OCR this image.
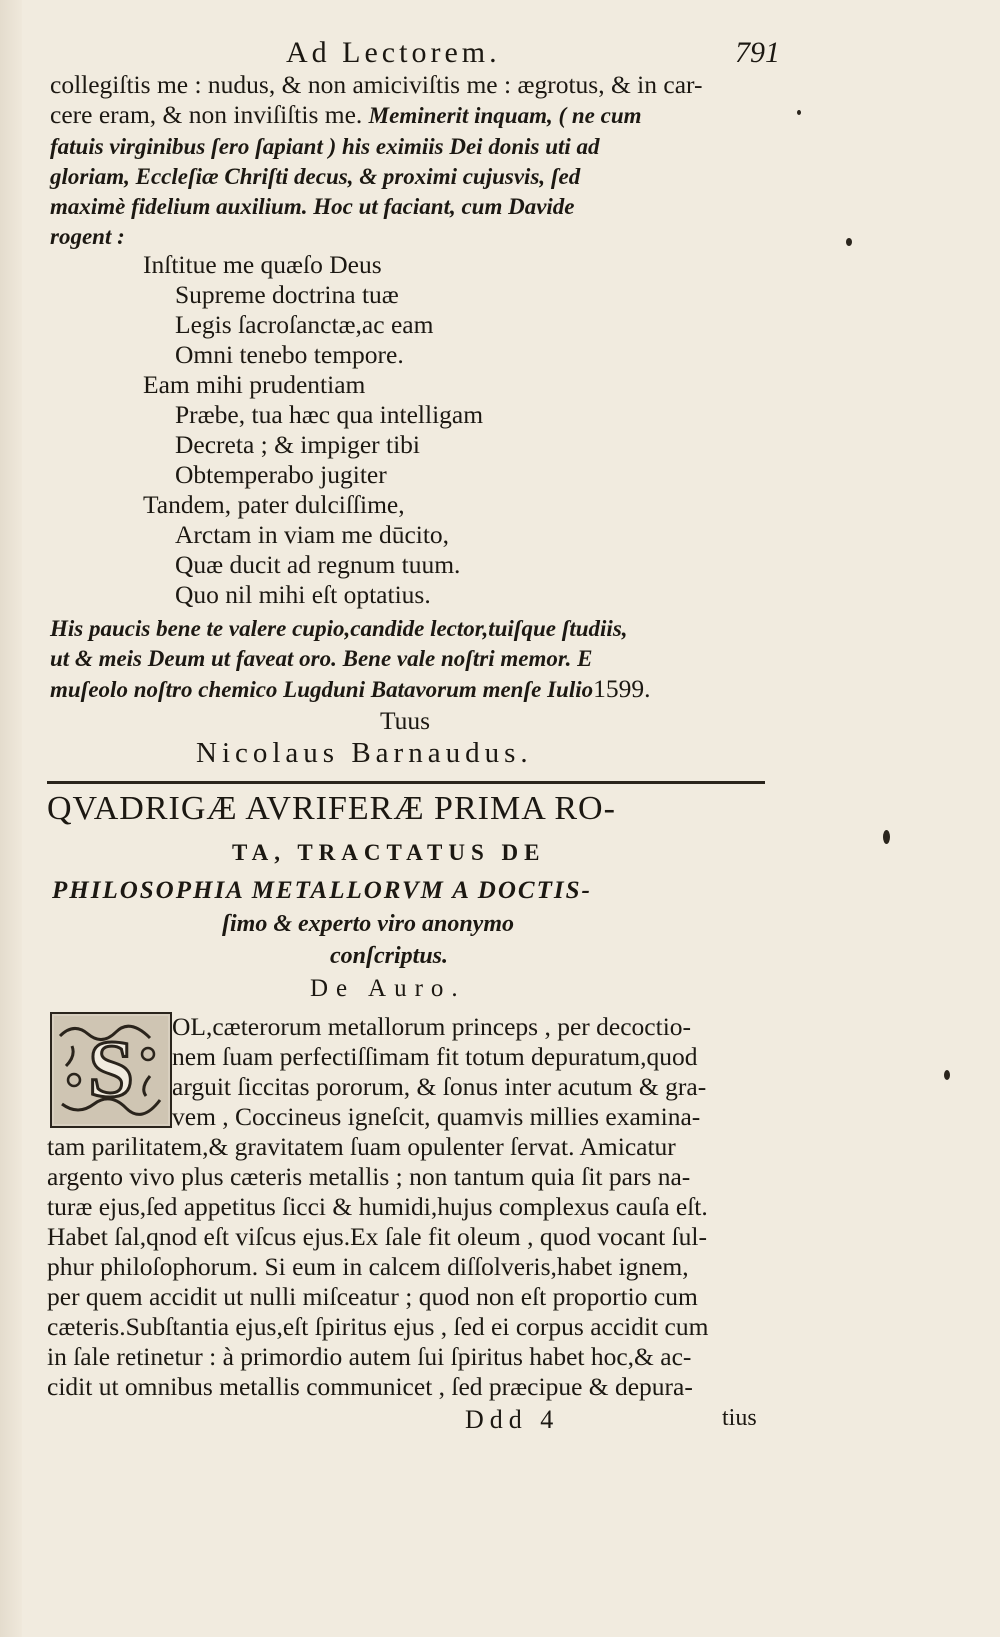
Ad Lectorem.	791
collegiſtis me : nudus, & non amiciviſtis me : ægrotus, & in car-
cere eram, & non inviſiſtis me. Meminerit inquam, ( ne cum
fatuis virginibus ſero ſapiant ) his eximiis Dei donis uti ad
gloriam, Eccleſiæ Chriſti decus, & proximi cujusvis, ſed
maximè fidelium auxilium. Hoc ut faciant, cum Davide
rogent :
Inſtitue me quæſo Deus
Supreme doctrina tuæ
Legis ſacroſanctæ,ac eam
Omni tenebo tempore.
Eam mihi prudentiam
Præbe, tua hæc qua intelligam
Decreta ; & impiger tibi
Obtemperabo jugiter
Tandem, pater dulciſſime,
Arctam in viam me dūcito,
Quæ ducit ad regnum tuum.
Quo nil mihi eſt optatius.
His paucis bene te valere cupio,candide lector,tuiſque ſtudiis,
ut & meis Deum ut faveat oro. Bene vale noſtri memor. E
muſeolo noſtro chemico Lugduni Batavorum menſe Iulio1599.
Tuus
Nicolaus Barnaudus.
QVADRIGÆ AVRIFERÆ PRIMA RO-
TA, TRACTATUS DE
PHILOSOPHIA METALLORVM A DOCTIS-
ſimo & experto viro anonymo
conſcriptus.
De Auro.
S OL,cæterorum metallorum princeps , per decoctio-
nem ſuam perfectiſſimam fit totum depuratum,quod
arguit ſiccitas pororum, & ſonus inter acutum & gra-
vem , Coccineus igneſcit, quamvis millies examina-
tam parilitatem,& gravitatem ſuam opulenter ſervat. Amicatur
argento vivo plus cæteris metallis ; non tantum quia ſit pars na-
turæ ejus,ſed appetitus ſicci & humidi,hujus complexus cauſa eſt.
Habet ſal,qnod eſt viſcus ejus.Ex ſale fit oleum , quod vocant ſul-
phur philoſophorum. Si eum in calcem diſſolveris,habet ignem,
per quem accidit ut nulli miſceatur ; quod non eſt proportio cum
cæteris.Subſtantia ejus,eſt ſpiritus ejus , ſed ei corpus accidit cum
in ſale retinetur : à primordio autem ſui ſpiritus habet hoc,& ac-
cidit ut omnibus metallis communicet , ſed præcipue & depura-
Ddd 4	tius
